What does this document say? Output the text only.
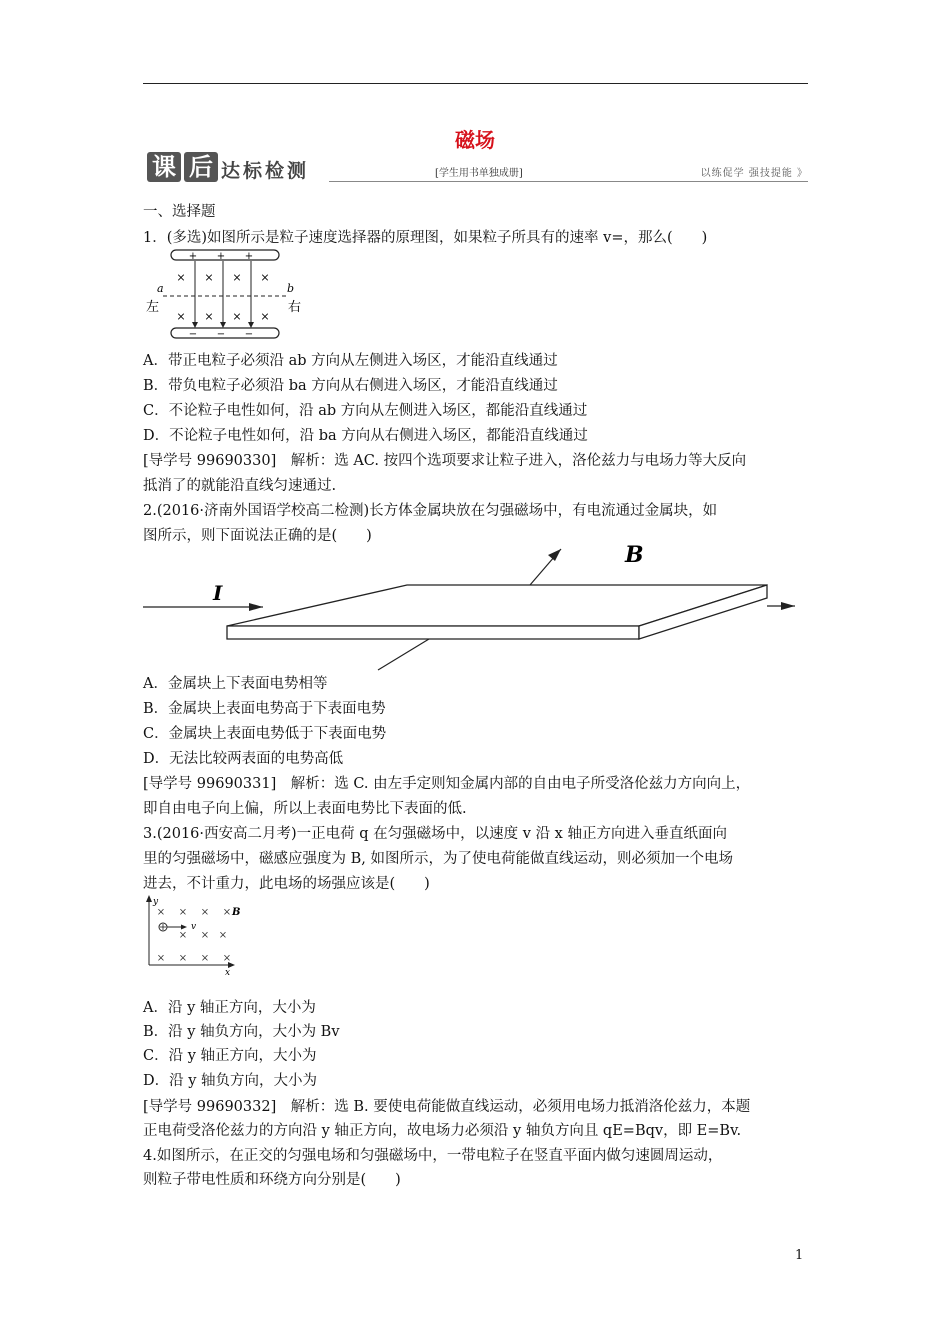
磁场
课 后 达标检测	[学生用书单独成册]	以练促学 强技提能 》
一、选择题
1．(多选)如图所示是粒子速度选择器的原理图，如果粒子所具有的速率 v=，那么(　　)
+ + +
− − −
× × × ×
× × × ×
a	b
左	右
A．带正电粒子必须沿 ab 方向从左侧进入场区，才能沿直线通过
B．带负电粒子必须沿 ba 方向从右侧进入场区，才能沿直线通过
C．不论粒子电性如何，沿 ab 方向从左侧进入场区，都能沿直线通过
D．不论粒子电性如何，沿 ba 方向从右侧进入场区，都能沿直线通过
[导学号 99690330]　解析：选 AC. 按四个选项要求让粒子进入，洛伦兹力与电场力等大反向
抵消了的就能沿直线匀速通过.
2.(2016·济南外国语学校高二检测)长方体金属块放在匀强磁场中，有电流通过金属块，如
图所示，则下面说法正确的是(　　)
B
I
A．金属块上下表面电势相等
B．金属块上表面电势高于下表面电势
C．金属块上表面电势低于下表面电势
D．无法比较两表面的电势高低
[导学号 99690331]　解析：选 C. 由左手定则知金属内部的自由电子所受洛伦兹力方向向上，
即自由电子向上偏，所以上表面电势比下表面的低.
3.(2016·西安高二月考)一正电荷 q 在匀强磁场中，以速度 v 沿 x 轴正方向进入垂直纸面向
里的匀强磁场中，磁感应强度为 B, 如图所示，为了使电荷能做直线运动，则必须加一个电场
进去，不计重力，此电场的场强应该是(　　)
y
x
× × × ×
× × ×
× × × ×
B
v
A．沿 y 轴正方向，大小为
B．沿 y 轴负方向，大小为 Bv
C．沿 y 轴正方向，大小为
D．沿 y 轴负方向，大小为
[导学号 99690332]　解析：选 B. 要使电荷能做直线运动，必须用电场力抵消洛伦兹力，本题
正电荷受洛伦兹力的方向沿 y 轴正方向，故电场力必须沿 y 轴负方向且 qE=Bqv，即 E=Bv.
4.如图所示，在正交的匀强电场和匀强磁场中，一带电粒子在竖直平面内做匀速圆周运动，
则粒子带电性质和环绕方向分别是(　　)
1
